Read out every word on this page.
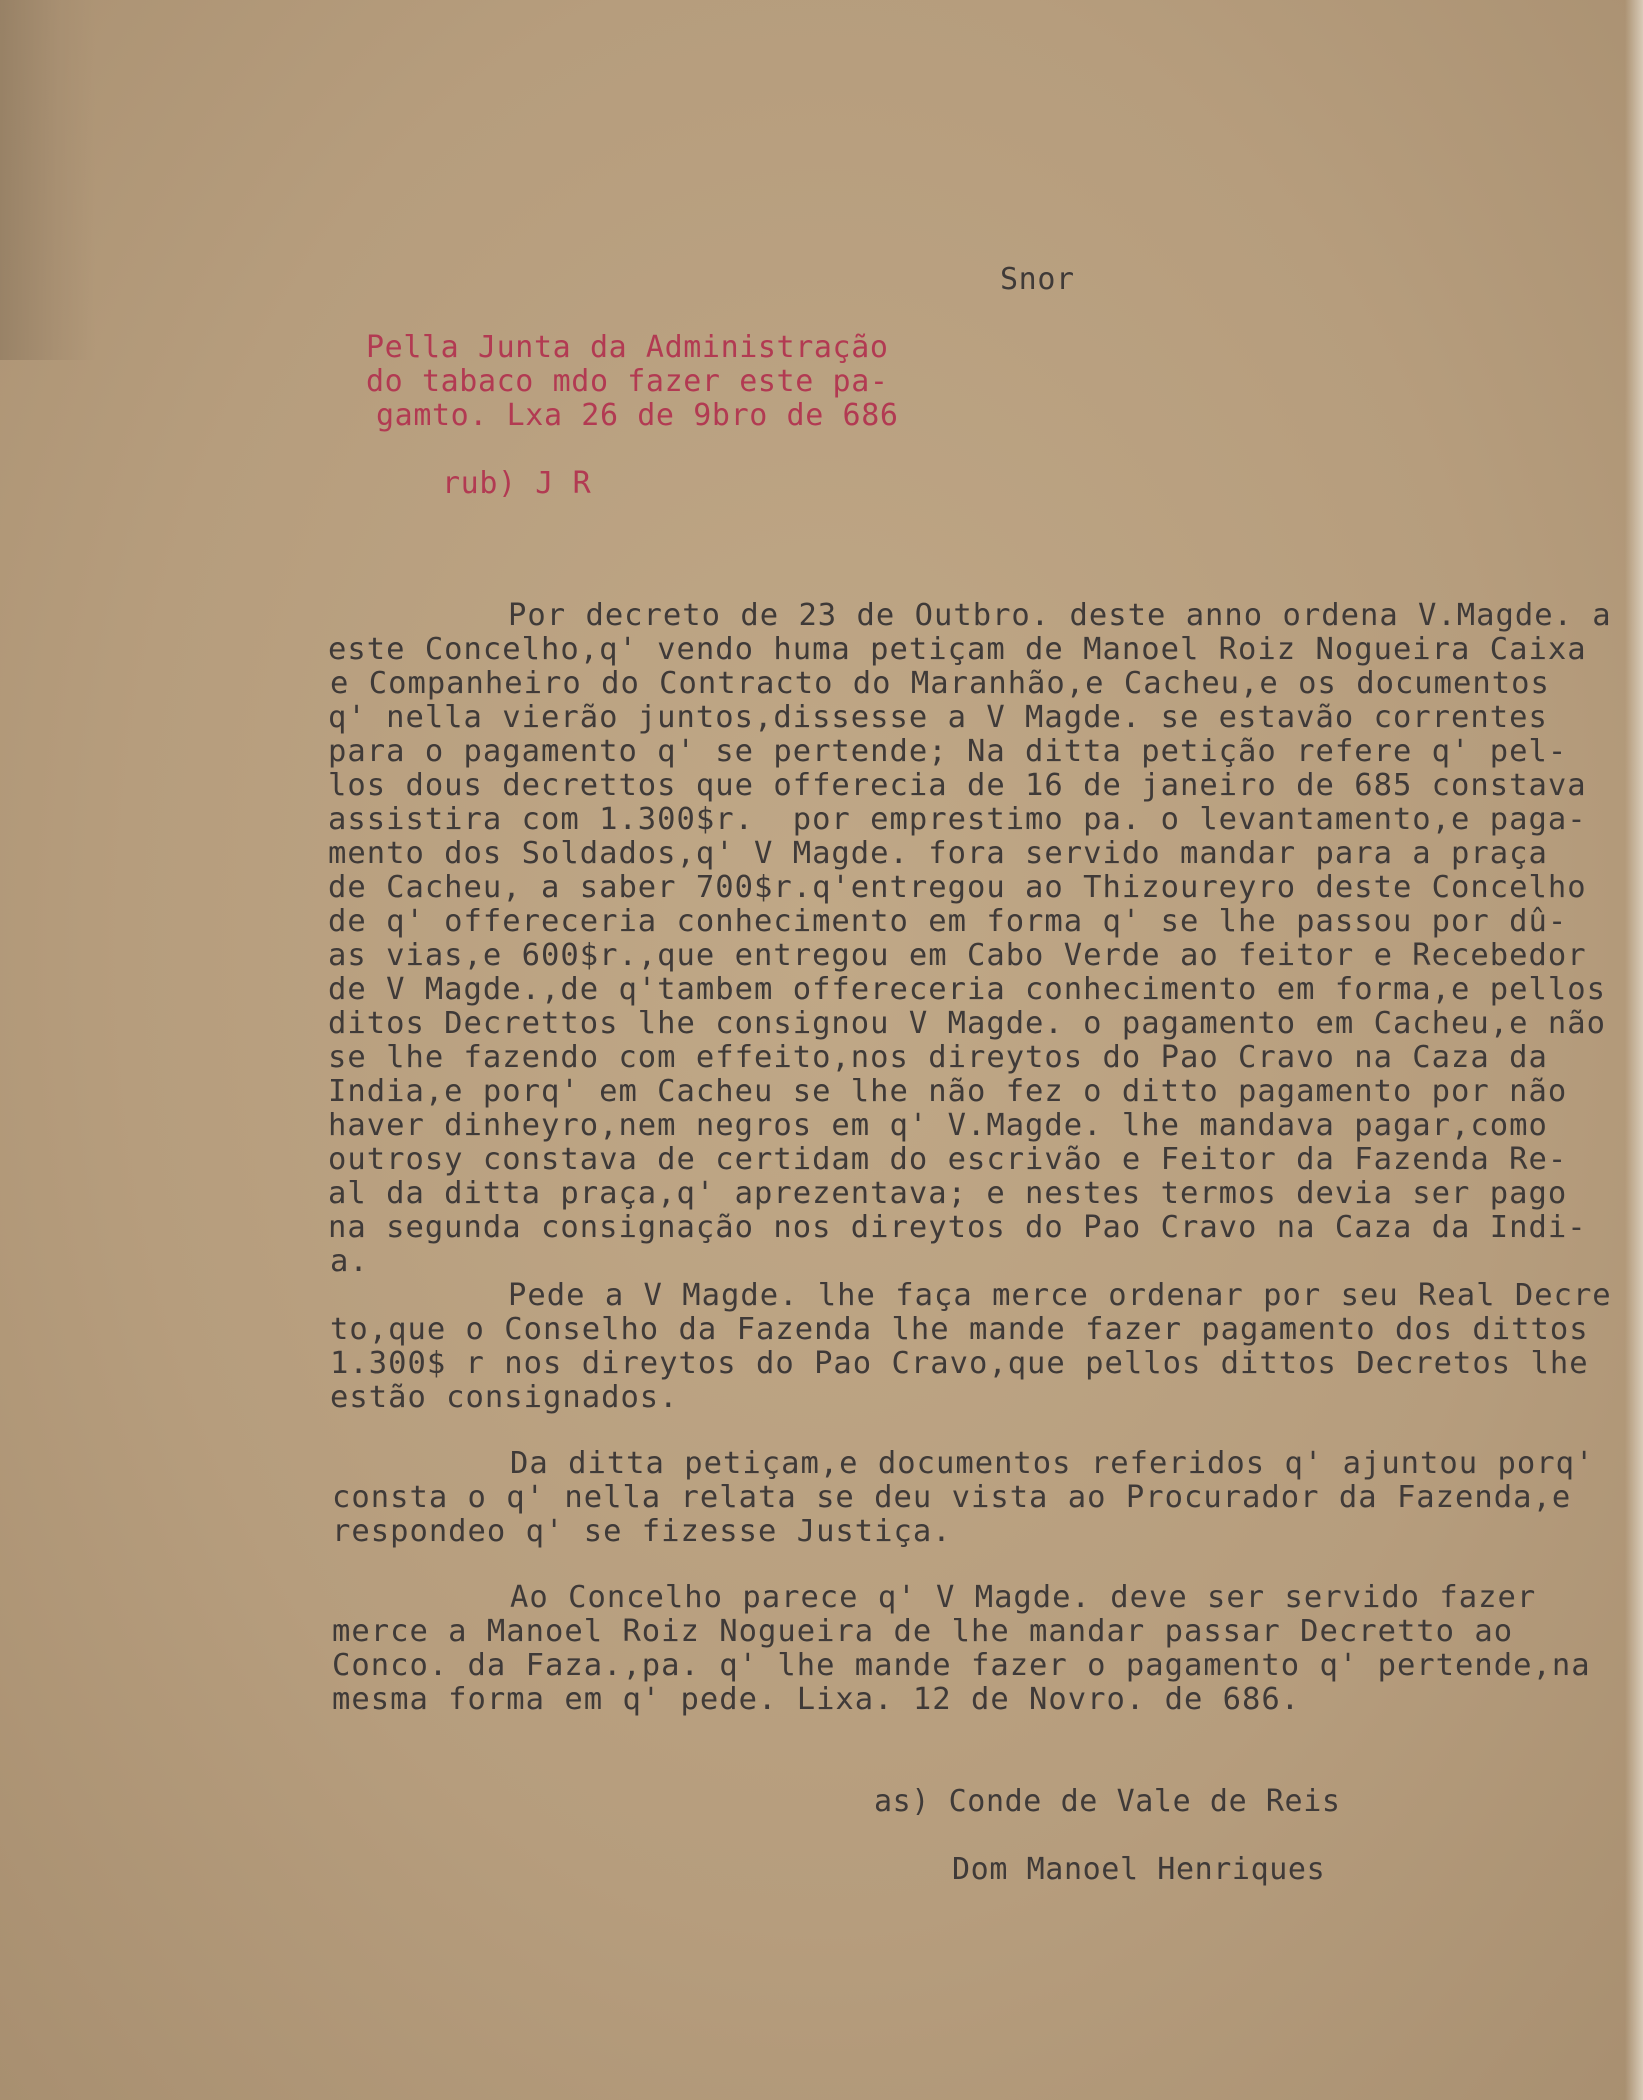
Snor
Pella Junta da Administração
do tabaco mdo fazer este pa-
gamto. Lxa 26 de 9bro de 686
rub) J R
Por decreto de 23 de Outbro. deste anno ordena V.Magde. a
este Concelho,q' vendo huma petiçam de Manoel Roiz Nogueira Caixa
e Companheiro do Contracto do Maranhão,e Cacheu,e os documentos
q' nella vierão juntos,dissesse a V Magde. se estavão correntes
para o pagamento q' se pertende; Na ditta petição refere q' pel-
los dous decrettos que offerecia de 16 de janeiro de 685 constava
assistira com 1.300$r.  por emprestimo pa. o levantamento,e paga-
mento dos Soldados,q' V Magde. fora servido mandar para a praça
de Cacheu, a saber 700$r.q'entregou ao Thizoureyro deste Concelho
de q' offereceria conhecimento em forma q' se lhe passou por dû-
as vias,e 600$r.,que entregou em Cabo Verde ao feitor e Recebedor
de V Magde.,de q'tambem offereceria conhecimento em forma,e pellos
ditos Decrettos lhe consignou V Magde. o pagamento em Cacheu,e não
se lhe fazendo com effeito,nos direytos do Pao Cravo na Caza da
India,e porq' em Cacheu se lhe não fez o ditto pagamento por não
haver dinheyro,nem negros em q' V.Magde. lhe mandava pagar,como
outrosy constava de certidam do escrivão e Feitor da Fazenda Re-
al da ditta praça,q' aprezentava; e nestes termos devia ser pago
na segunda consignação nos direytos do Pao Cravo na Caza da Indi-
a.
Pede a V Magde. lhe faça merce ordenar por seu Real Decre
to,que o Conselho da Fazenda lhe mande fazer pagamento dos dittos
1.300$ r nos direytos do Pao Cravo,que pellos dittos Decretos lhe
estão consignados.
Da ditta petiçam,e documentos referidos q' ajuntou porq'
consta o q' nella relata se deu vista ao Procurador da Fazenda,e
respondeo q' se fizesse Justiça.
Ao Concelho parece q' V Magde. deve ser servido fazer
merce a Manoel Roiz Nogueira de lhe mandar passar Decretto ao
Conco. da Faza.,pa. q' lhe mande fazer o pagamento q' pertende,na
mesma forma em q' pede. Lixa. 12 de Novro. de 686.
as) Conde de Vale de Reis
Dom Manoel Henriques
